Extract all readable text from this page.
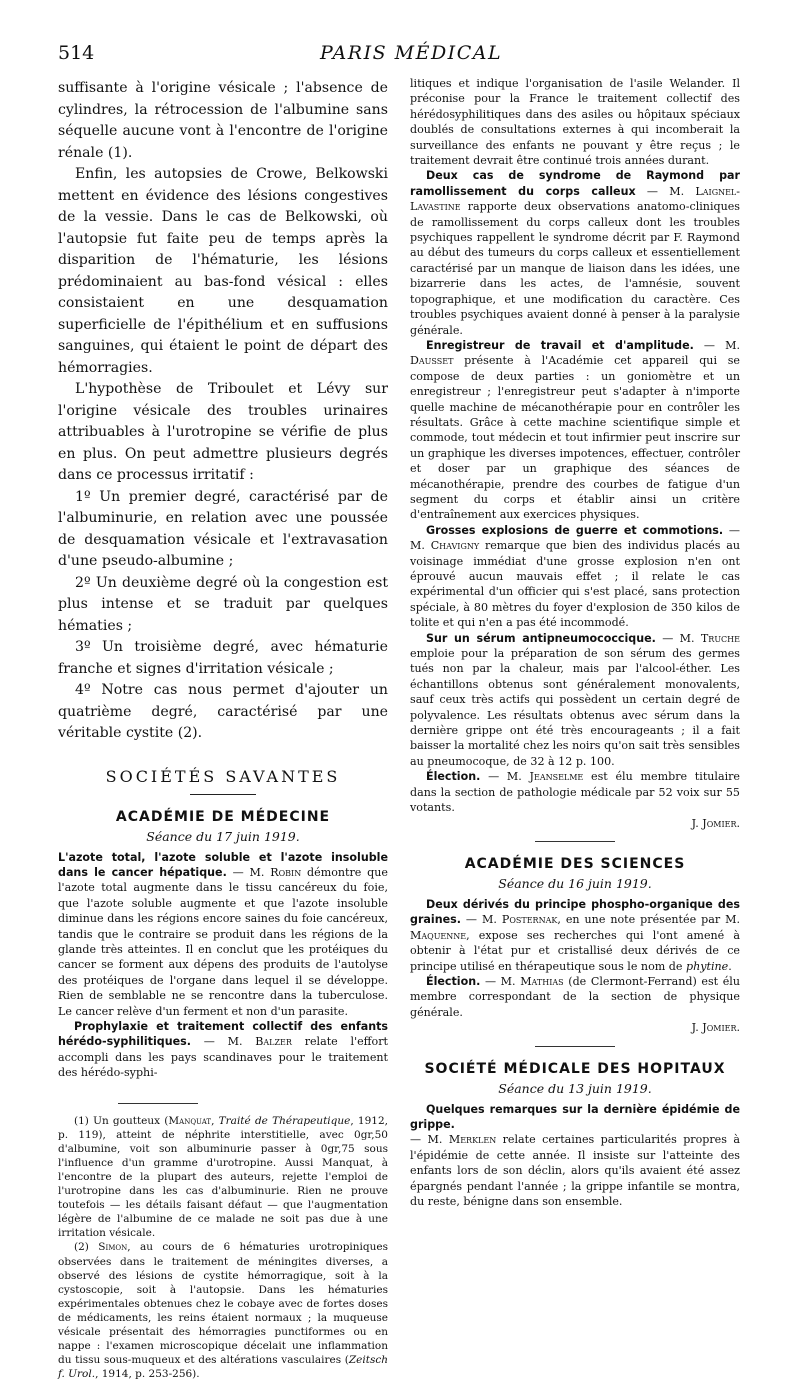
514	PARIS MÉDICAL

suffisante à l'origine vésicale ; l'absence de cylindres, la rétrocession de l'albumine sans séquelle aucune vont à l'encontre de l'origine rénale (1).

Enfin, les autopsies de Crowe, Belkowski mettent en évidence des lésions congestives de la vessie. Dans le cas de Belkowski, où l'autopsie fut faite peu de temps après la disparition de l'hématurie, les lésions prédominaient au bas-fond vésical : elles consistaient en une desquamation superficielle de l'épithélium et en suffusions sanguines, qui étaient le point de départ des hémorragies.

L'hypothèse de Triboulet et Lévy sur l'origine vésicale des troubles urinaires attribuables à l'urotropine se vérifie de plus en plus. On peut admettre plusieurs degrés dans ce processus irritatif :

1º Un premier degré, caractérisé par de l'albuminurie, en relation avec une poussée de desquamation vésicale et l'extravasation d'une pseudo-albumine ;

2º Un deuxième degré où la congestion est plus intense et se traduit par quelques hématies ;

3º Un troisième degré, avec hématurie franche et signes d'irritation vésicale ;

4º Notre cas nous permet d'ajouter un quatrième degré, caractérisé par une véritable cystite (2).

SOCIÉTÉS SAVANTES
ACADÉMIE DE MÉDECINE
Séance du 17 juin 1919.

L'azote total, l'azote soluble et l'azote insoluble dans le cancer hépatique. — M. Robin démontre que l'azote total augmente dans le tissu cancéreux du foie, que l'azote soluble augmente et que l'azote insoluble diminue dans les régions encore saines du foie cancéreux, tandis que le contraire se produit dans les régions de la glande très atteintes. Il en conclut que les protéiques du cancer se forment aux dépens des produits de l'autolyse des protéiques de l'organe dans lequel il se développe. Rien de semblable ne se rencontre dans la tuberculose. Le cancer relève d'un ferment et non d'un parasite.

Prophylaxie et traitement collectif des enfants hérédo-syphilitiques. — M. Balzer relate l'effort accompli dans les pays scandinaves pour le traitement des hérédo-syphi-

(1) Un goutteux (Manquat, Traité de Thérapeutique, 1912, p. 119), atteint de néphrite interstitielle, avec 0gr,50 d'albumine, voit son albuminurie passer à 0gr,75 sous l'influence d'un gramme d'urotropine. Aussi Manquat, à l'encontre de la plupart des auteurs, rejette l'emploi de l'urotropine dans les cas d'albuminurie. Rien ne prouve toutefois — les détails faisant défaut — que l'augmentation légère de l'albumine de ce malade ne soit pas due à une irritation vésicale.

(2) Simon, au cours de 6 hématuries urotropiniques observées dans le traitement de méningites diverses, a observé des lésions de cystite hémorragique, soit à la cystoscopie, soit à l'autopsie. Dans les hématuries expérimentales obtenues chez le cobaye avec de fortes doses de médicaments, les reins étaient normaux ; la muqueuse vésicale présentait des hémorragies punctiformes ou en nappe : l'examen microscopique décelait une inflammation du tissu sous-muqueux et des altérations vasculaires (Zeitsch f. Urol., 1914, p. 253-256).

litiques et indique l'organisation de l'asile Welander. Il préconise pour la France le traitement collectif des hérédosyphilitiques dans des asiles ou hôpitaux spéciaux doublés de consultations externes à qui incomberait la surveillance des enfants ne pouvant y être reçus ; le traitement devrait être continué trois années durant.

Deux cas de syndrome de Raymond par ramollissement du corps calleux — M. Laignel-Lavastine rapporte deux observations anatomo-cliniques de ramollissement du corps calleux dont les troubles psychiques rappellent le syndrome décrit par F. Raymond au début des tumeurs du corps calleux et essentiellement caractérisé par un manque de liaison dans les idées, une bizarrerie dans les actes, de l'amnésie, souvent topographique, et une modification du caractère. Ces troubles psychiques avaient donné à penser à la paralysie générale.

Enregistreur de travail et d'amplitude. — M. Dausset présente à l'Académie cet appareil qui se compose de deux parties : un goniomètre et un enregistreur ; l'enregistreur peut s'adapter à n'importe quelle machine de mécanothérapie pour en contrôler les résultats. Grâce à cette machine scientifique simple et commode, tout médecin et tout infirmier peut inscrire sur un graphique les diverses impotences, effectuer, contrôler et doser par un graphique des séances de mécanothérapie, prendre des courbes de fatigue d'un segment du corps et établir ainsi un critère d'entraînement aux exercices physiques.

Grosses explosions de guerre et commotions. — M. Chavigny remarque que bien des individus placés au voisinage immédiat d'une grosse explosion n'en ont éprouvé aucun mauvais effet ; il relate le cas expérimental d'un officier qui s'est placé, sans protection spéciale, à 80 mètres du foyer d'explosion de 350 kilos de tolite et qui n'en a pas été incommodé.

Sur un sérum antipneumococcique. — M. Truche emploie pour la préparation de son sérum des germes tués non par la chaleur, mais par l'alcool-éther. Les échantillons obtenus sont généralement monovalents, sauf ceux très actifs qui possèdent un certain degré de polyvalence. Les résultats obtenus avec sérum dans la dernière grippe ont été très encourageants ; il a fait baisser la mortalité chez les noirs qu'on sait très sensibles au pneumocoque, de 32 à 12 p. 100.

Élection. — M. Jeanselme est élu membre titulaire dans la section de pathologie médicale par 52 voix sur 55 votants.

J. Jomier.

ACADÉMIE DES SCIENCES
Séance du 16 juin 1919.

Deux dérivés du principe phospho-organique des graines. — M. Posternak, en une note présentée par M. Maquenne, expose ses recherches qui l'ont amené à obtenir à l'état pur et cristallisé deux dérivés de ce principe utilisé en thérapeutique sous le nom de phytine.

Élection. — M. Mathias (de Clermont-Ferrand) est élu membre correspondant de la section de physique générale.

J. Jomier.

SOCIÉTÉ MÉDICALE DES HOPITAUX
Séance du 13 juin 1919.

Quelques remarques sur la dernière épidémie de grippe.

— M. Merklen relate certaines particularités propres à l'épidémie de cette année. Il insiste sur l'atteinte des enfants lors de son déclin, alors qu'ils avaient été assez épargnés pendant l'année ; la grippe infantile se montra, du reste, bénigne dans son ensemble.
